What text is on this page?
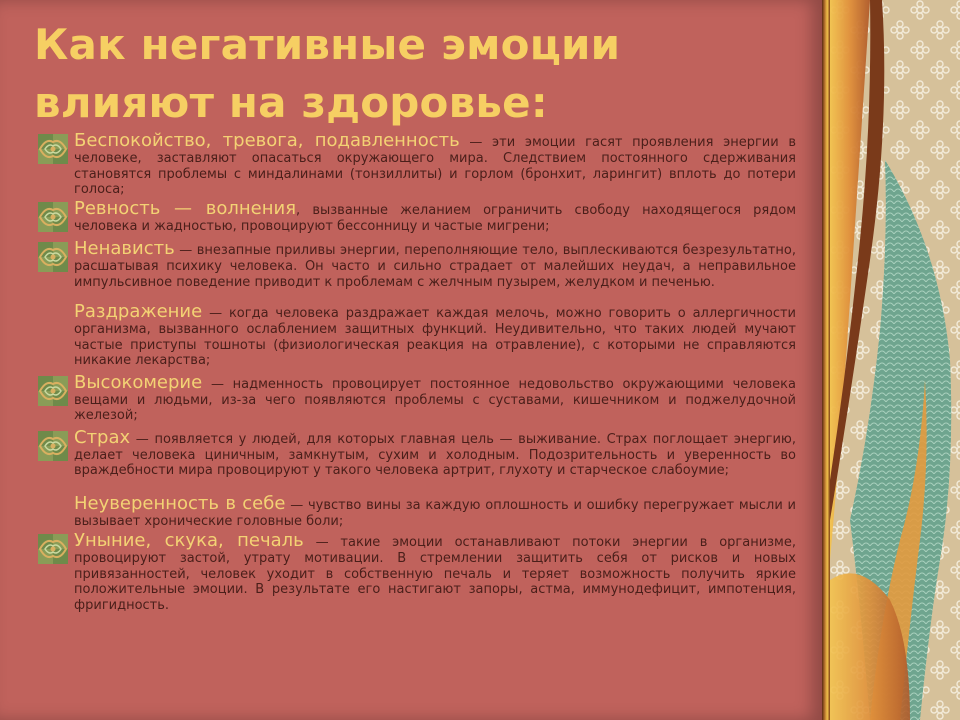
Как негативные эмоции влияют на здоровье:

Беспокойство, тревога, подавленность — эти эмоции гасят проявления энергии в человеке, заставляют опасаться окружающего мира. Следствием постоянного сдерживания становятся проблемы с миндалинами (тонзиллиты) и горлом (бронхит, ларингит) вплоть до потери голоса;

Ревность — волнения, вызванные желанием ограничить свободу находящегося рядом человека и жадностью, провоцируют бессонницу и частые мигрени;

Ненависть — внезапные приливы энергии, переполняющие тело, выплескиваются безрезультатно, расшатывая психику человека. Он часто и сильно страдает от малейших неудач, а неправильное импульсивное поведение приводит к проблемам с желчным пузырем, желудком и печенью.

Раздражение — когда человека раздражает каждая мелочь, можно говорить о аллергичности организма, вызванного ослаблением защитных функций. Неудивительно, что таких людей мучают частые приступы тошноты (физиологическая реакция на отравление), с которыми не справляются никакие лекарства;

Высокомерие — надменность провоцирует постоянное недовольство окружающими человека вещами и людьми, из-за чего появляются проблемы с суставами, кишечником и поджелудочной железой;

Страх — появляется у людей, для которых главная цель — выживание. Страх поглощает энергию, делает человека циничным, замкнутым, сухим и холодным. Подозрительность и уверенность во враждебности мира провоцируют у такого человека артрит, глухоту и старческое слабоумие;

Неуверенность в себе — чувство вины за каждую оплошность и ошибку перегружает мысли и вызывает хронические головные боли;

Уныние, скука, печаль — такие эмоции останавливают потоки энергии в организме, провоцируют застой, утрату мотивации. В стремлении защитить себя от рисков и новых привязанностей, человек уходит в собственную печаль и теряет возможность получить яркие положительные эмоции. В результате его настигают запоры, астма, иммунодефицит, импотенция, фригидность.
